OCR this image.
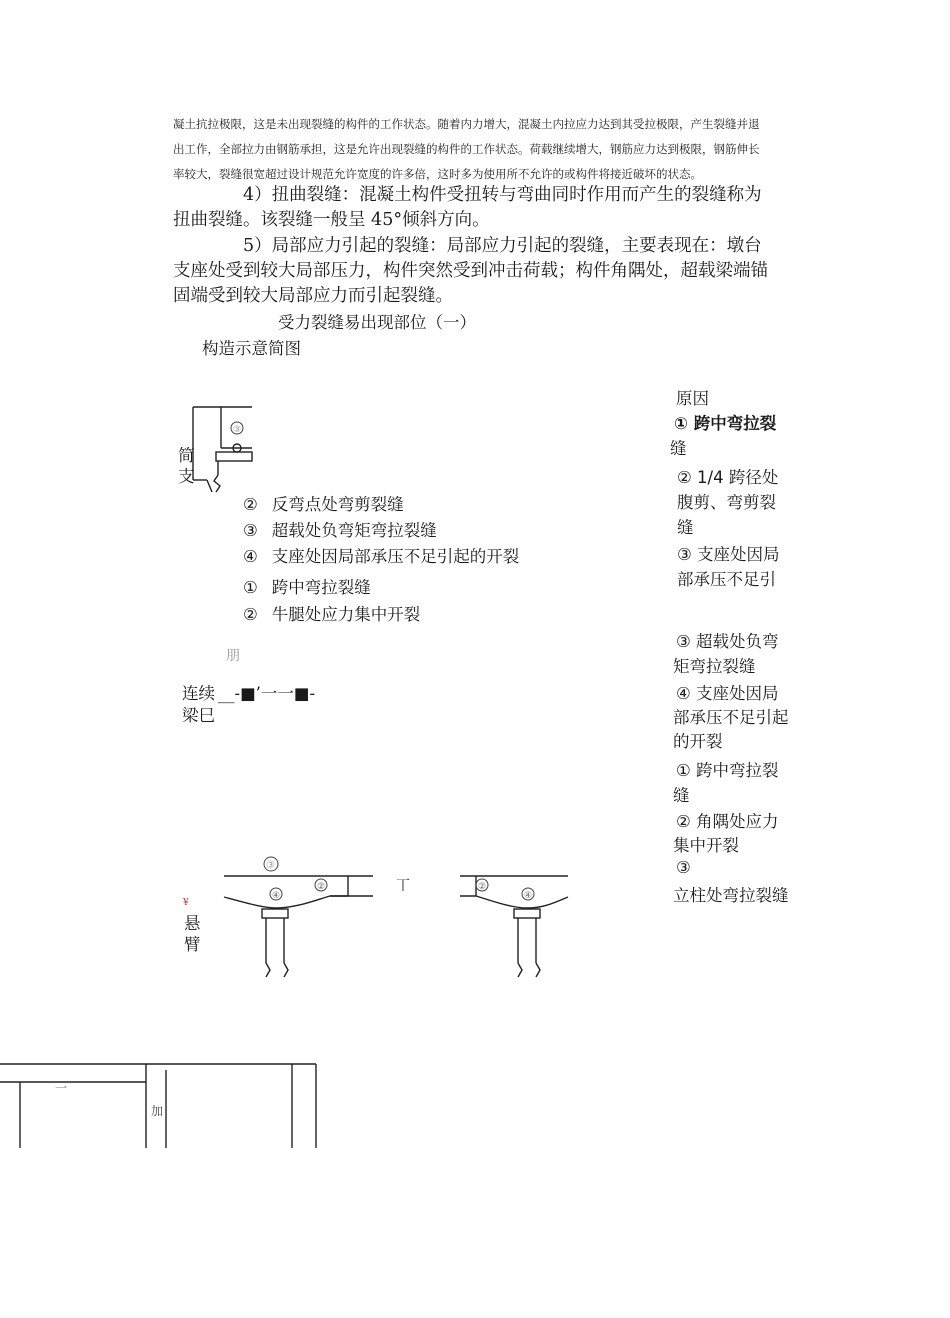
凝土抗拉极限，这是未出现裂缝的构件的工作状态。随着内力增大，混凝土内拉应力达到其受拉极限，产生裂缝并退
出工作，全部拉力由钢筋承担，这是允许出现裂缝的构件的工作状态。荷载继续增大，钢筋应力达到极限，钢筋伸长
率较大，裂缝很宽超过设计规范允许宽度的许多倍，这时多为使用所不允许的或构件将接近破坏的状态。
4）扭曲裂缝：混凝土构件受扭转与弯曲同时作用而产生的裂缝称为
扭曲裂缝。该裂缝一般呈 45°倾斜方向。
5）局部应力引起的裂缝：局部应力引起的裂缝，主要表现在：墩台
支座处受到较大局部压力，构件突然受到冲击荷载；构件角隅处，超载梁端锚
固端受到较大局部应力而引起裂缝。
受力裂缝易出现部位（一）
构造示意简图
原因
③
③
④
②	②
④
丅
简
支
朋
连续 __-■’一一■-
梁巳
¥
悬
臂
② 反弯点处弯剪裂缝
③ 超载处负弯矩弯拉裂缝
④ 支座处因局部承压不足引起的开裂
① 跨中弯拉裂缝
② 牛腿处应力集中开裂
① 跨中弯拉裂
缝
② 1/4 跨径处
腹剪、弯剪裂
缝
③ 支座处因局
部承压不足引
③ 超载处负弯
矩弯拉裂缝
④ 支座处因局
部承压不足引起
的开裂
① 跨中弯拉裂
缝
② 角隅处应力
集中开裂
③
立柱处弯拉裂缝
一
加
